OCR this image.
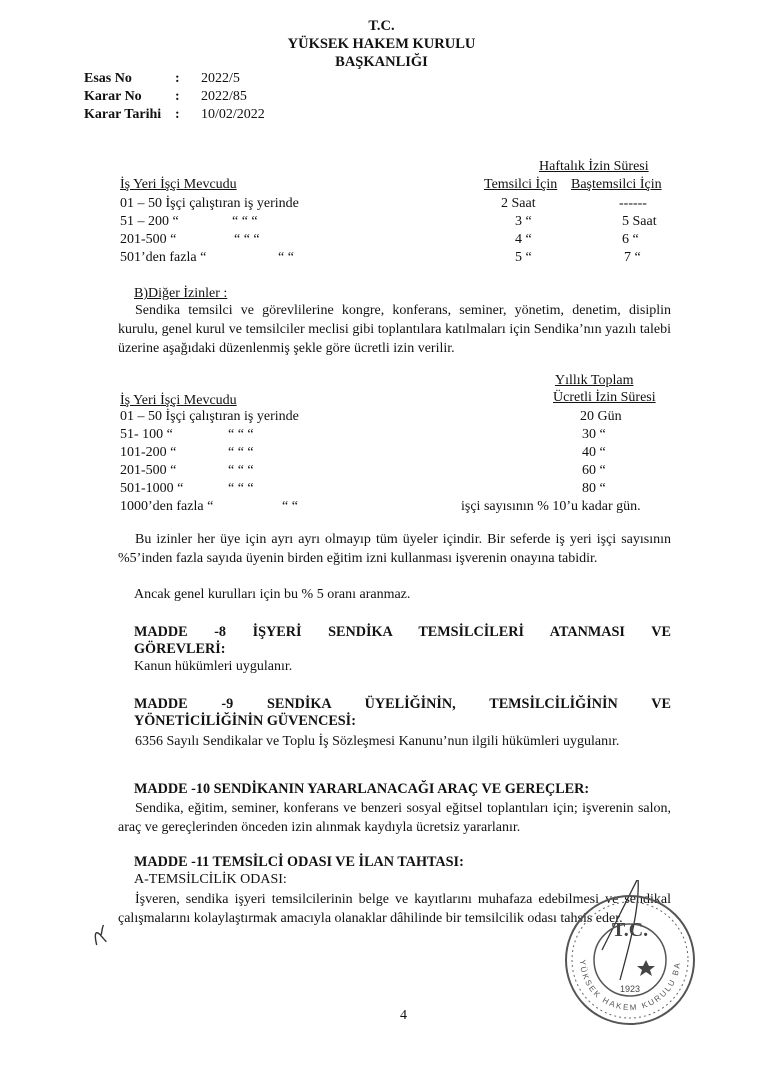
T.C.
YÜKSEK HAKEM KURULU
BAŞKANLIĞI
Esas No	: 2022/5
Karar No : 2022/85
Karar Tarihi : 10/02/2022
Haftalık İzin Süresi
İş Yeri İşçi Mevcudu	Temsilci İçin Baştemsilci İçin
01 – 50 İşçi çalıştıran iş yerinde	2 Saat	------
51 – 200 “	“ “ “	3 “	5 Saat
201-500 “	“ “ “	4 “	6 “
501’den fazla “	“ “	5 “	7 “
B)Diğer İzinler :
Sendika temsilci ve görevlilerine kongre, konferans, seminer, yönetim, denetim, disiplin kurulu, genel kurul ve temsilciler meclisi gibi toplantılara katılmaları için Sendika’nın yazılı talebi üzerine aşağıdaki düzenlenmiş şekle göre ücretli izin verilir.
Yıllık Toplam
Ücretli İzin Süresi
İş Yeri İşçi Mevcudu
01 – 50 İşçi çalıştıran iş yerinde	20 Gün
51- 100 “	“ “ “	30 “
101-200 “	“ “ “	40 “
201-500 “	“ “ “	60 “
501-1000 “	“ “ “	80 “
1000’den fazla “	“ “	işçi sayısının % 10’u kadar gün.
Bu izinler her üye için ayrı ayrı olmayıp tüm üyeler içindir. Bir seferde iş yeri işçi sayısının %5’inden fazla sayıda üyenin birden eğitim izni kullanması işverenin onayına tabidir.
Ancak genel kurulları için bu % 5 oranı aranmaz.
MADDE -8 İŞYERİ SENDİKA TEMSİLCİLERİ ATANMASI VE
GÖREVLERİ:
Kanun hükümleri uygulanır.
MADDE -9 SENDİKA ÜYELİĞİNİN, TEMSİLCİLİĞİNİN VE
YÖNETİCİLİĞİNİN GÜVENCESİ:
6356 Sayılı Sendikalar ve Toplu İş Sözleşmesi Kanunu’nun ilgili hükümleri uygulanır.
MADDE -10 SENDİKANIN YARARLANACAĞI ARAÇ VE GEREÇLER:
Sendika, eğitim, seminer, konferans ve benzeri sosyal eğitsel toplantıları için; işverenin salon, araç ve gereçlerinden önceden izin alınmak kaydıyla ücretsiz yararlanır.
MADDE -11 TEMSİLCİ ODASI VE İLAN TAHTASI:
A-TEMSİLCİLİK ODASI:
İşveren, sendika işyeri temsilcilerinin belge ve kayıtlarını muhafaza edebilmesi ve sendikal çalışmalarını kolaylaştırmak amacıyla olanaklar dâhilinde bir temsilcilik odası tahsis eder.
T.C.
1923
YÜKSEK HAKEM KURULU BA
4
